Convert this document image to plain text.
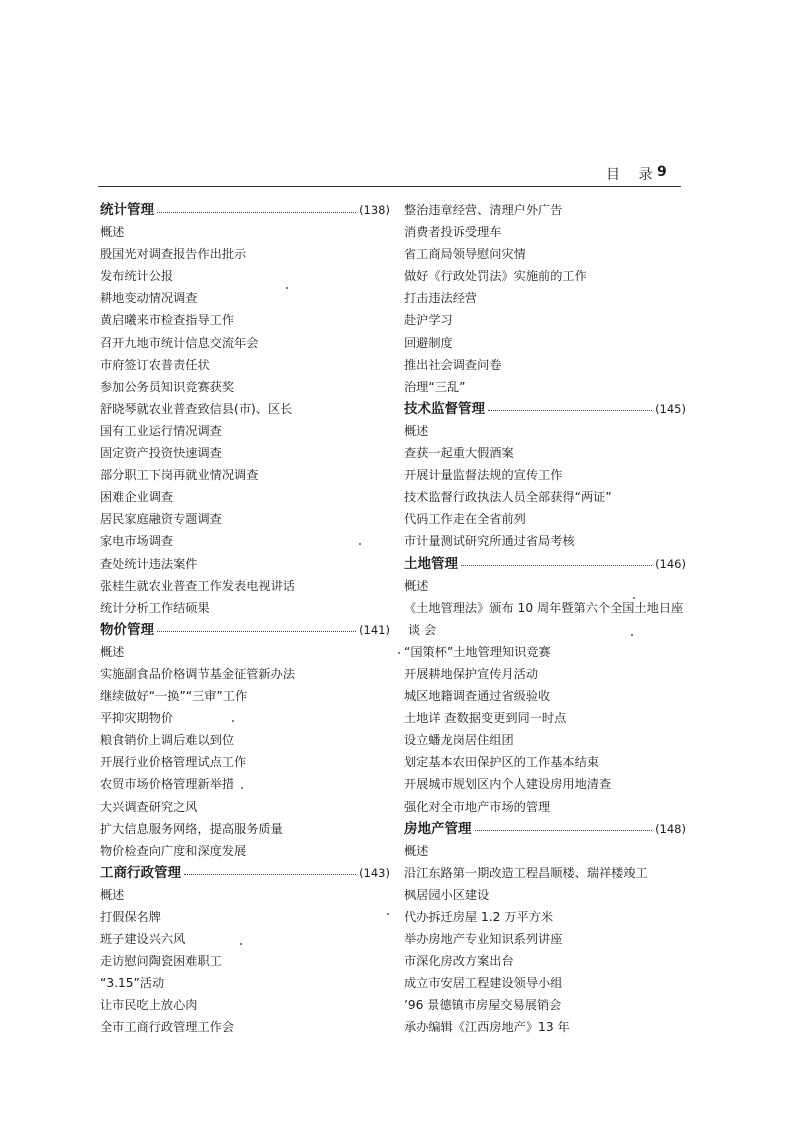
目 录
9
统计管理	(138)
概述
殷国光对调查报告作出批示
发布统计公报
耕地变动情况调查
黄启曦来市检查指导工作
召开九地市统计信息交流年会
市府签订农普责任状
参加公务员知识竞赛获奖
舒晓琴就农业普查致信县(市)、区长
国有工业运行情况调查
固定资产投资快速调查
部分职工下岗再就业情况调查
困难企业调查
居民家庭融资专题调查
家电市场调查
查处统计违法案件
张桂生就农业普查工作发表电视讲话
统计分析工作结硕果
物价管理	(141)
概述
实施副食品价格调节基金征管新办法
继续做好“一换”“三审”工作
平抑灾期物价
粮食销价上调后难以到位
开展行业价格管理试点工作
农贸市场价格管理新举措
大兴调查研究之风
扩大信息服务网络，提高服务质量
物价检查向广度和深度发展
工商行政管理	(143)
概述
打假保名牌
班子建设兴六风
走访慰问陶瓷困难职工
“3.15”活动
让市民吃上放心肉
全市工商行政管理工作会
整治违章经营、清理户外广告
消费者投诉受理车
省工商局领导慰问灾情
做好《行政处罚法》实施前的工作
打击违法经营
赴沪学习
回避制度
推出社会调查问卷
治理“三乱”
技术监督管理	(145)
概述
查获一起重大假酒案
开展计量监督法规的宣传工作
技术监督行政执法人员全部获得“两证”
代码工作走在全省前列
市计量测试研究所通过省局考核
土地管理	(146)
概述
《土地管理法》颁布 10 周年暨第六个全国土地日座
谈 会
“国策杯”土地管理知识竞赛
开展耕地保护宣传月活动
城区地籍调查通过省级验收
土地详 查数据变更到同一时点
设立蟠龙岗居住组团
划定基本农田保护区的工作基本结束
开展城市规划区内个人建设房用地清查
强化对全市地产市场的管理
房地产管理	(148)
概述
沿江东路第一期改造工程昌顺楼、瑞祥楼竣工
枫居园小区建设
代办拆迁房屋 1.2 万平方米
举办房地产专业知识系列讲座
市深化房改方案出台
成立市安居工程建设领导小组
’96 景德镇市房屋交易展销会
承办编辑《江西房地产》13 年
